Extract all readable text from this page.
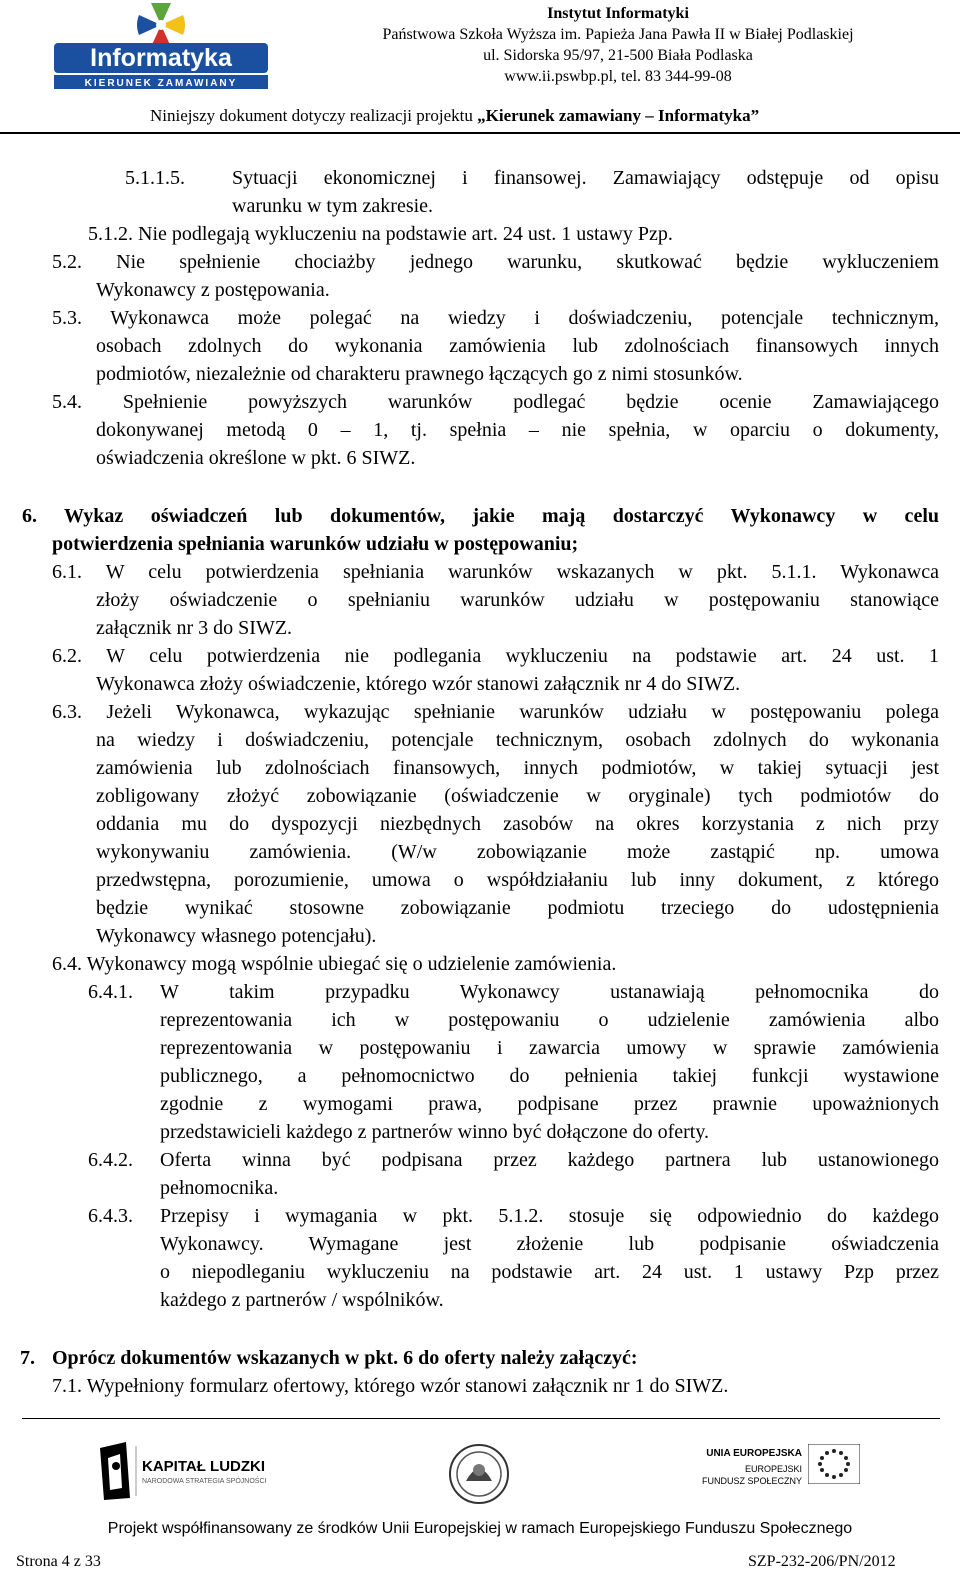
Informatyka
KIERUNEK ZAMAWIANY
Instytut Informatyki
Państwowa Szkoła Wyższa im. Papieża Jana Pawła II w Białej Podlaskiej
ul. Sidorska 95/97, 21-500 Biała Podlaska
www.ii.pswbp.pl, tel. 83 344-99-08
Niniejszy dokument dotyczy realizacji projektu „Kierunek zamawiany – Informatyka”
5.1.1.5. Sytuacji ekonomicznej i finansowej. Zamawiający odstępuje od opisu
warunku w tym zakresie.
5.1.2. Nie podlegają wykluczeniu na podstawie art. 24 ust. 1 ustawy Pzp.
5.2. Nie spełnienie chociażby jednego warunku, skutkować będzie wykluczeniem
Wykonawcy z postępowania.
5.3. Wykonawca może polegać na wiedzy i doświadczeniu, potencjale technicznym,
osobach zdolnych do wykonania zamówienia lub zdolnościach finansowych innych
podmiotów, niezależnie od charakteru prawnego łączących go z nimi stosunków.
5.4. Spełnienie powyższych warunków podlegać będzie ocenie Zamawiającego
dokonywanej metodą 0 – 1, tj. spełnia – nie spełnia, w oparciu o dokumenty,
oświadczenia określone w pkt. 6 SIWZ.
6. Wykaz oświadczeń lub dokumentów, jakie mają dostarczyć Wykonawcy w celu
potwierdzenia spełniania warunków udziału w postępowaniu;
6.1. W celu potwierdzenia spełniania warunków wskazanych w pkt. 5.1.1. Wykonawca
złoży oświadczenie o spełnianiu warunków udziału w postępowaniu stanowiące
załącznik nr 3 do SIWZ.
6.2. W celu potwierdzenia nie podlegania wykluczeniu na podstawie art. 24 ust. 1
Wykonawca złoży oświadczenie, którego wzór stanowi załącznik nr 4 do SIWZ.
6.3. Jeżeli Wykonawca, wykazując spełnianie warunków udziału w postępowaniu polega
na wiedzy i doświadczeniu, potencjale technicznym, osobach zdolnych do wykonania
zamówienia lub zdolnościach finansowych, innych podmiotów, w takiej sytuacji jest
zobligowany złożyć zobowiązanie (oświadczenie w oryginale) tych podmiotów do
oddania mu do dyspozycji niezbędnych zasobów na okres korzystania z nich przy
wykonywaniu zamówienia. (W/w zobowiązanie może zastąpić np. umowa
przedwstępna, porozumienie, umowa o współdziałaniu lub inny dokument, z którego
będzie wynikać stosowne zobowiązanie podmiotu trzeciego do udostępnienia
Wykonawcy własnego potencjału).
6.4. Wykonawcy mogą wspólnie ubiegać się o udzielenie zamówienia.
6.4.1. W takim przypadku Wykonawcy ustanawiają pełnomocnika do
reprezentowania ich w postępowaniu o udzielenie zamówienia albo
reprezentowania w postępowaniu i zawarcia umowy w sprawie zamówienia
publicznego, a pełnomocnictwo do pełnienia takiej funkcji wystawione
zgodnie z wymogami prawa, podpisane przez prawnie upoważnionych
przedstawicieli każdego z partnerów winno być dołączone do oferty.
6.4.2. Oferta winna być podpisana przez każdego partnera lub ustanowionego
pełnomocnika.
6.4.3. Przepisy i wymagania w pkt. 5.1.2. stosuje się odpowiednio do każdego
Wykonawcy. Wymagane jest złożenie lub podpisanie oświadczenia
o niepodleganiu wykluczeniu na podstawie art. 24 ust. 1 ustawy Pzp przez
każdego z partnerów / wspólników.
7. Oprócz dokumentów wskazanych w pkt. 6 do oferty należy załączyć:
7.1. Wypełniony formularz ofertowy, którego wzór stanowi załącznik nr 1 do SIWZ.
KAPITAŁ LUDZKI
NARODOWA STRATEGIA SPÓJNOŚCI
UNIA EUROPEJSKA
EUROPEJSKI
FUNDUSZ SPOŁECZNY
Projekt współfinansowany ze środków Unii Europejskiej w ramach Europejskiego Funduszu Społecznego
Strona 4 z 33	SZP-232-206/PN/2012
